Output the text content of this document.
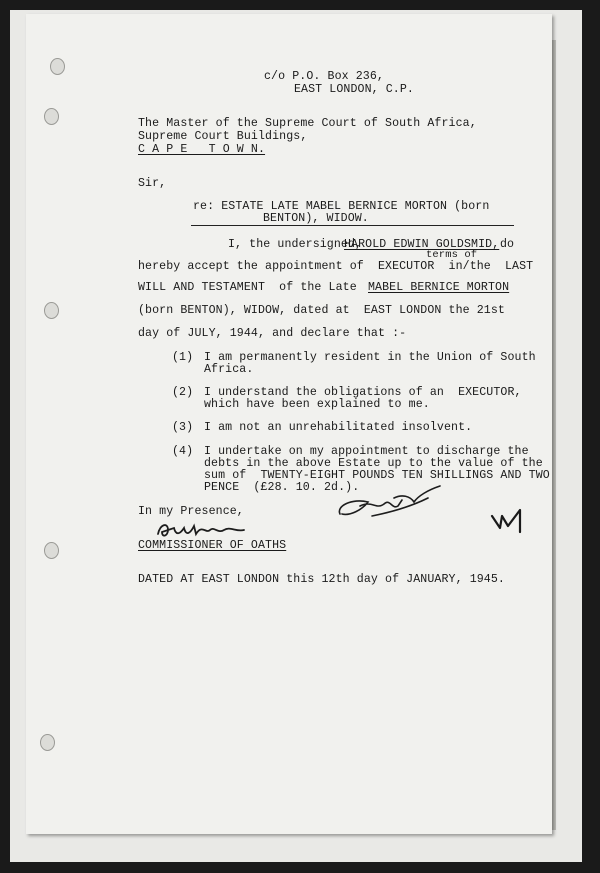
c/o P.O. Box 236,
EAST LONDON, C.P.
The Master of the Supreme Court of South Africa,
Supreme Court Buildings,
C A P E   T O W N.
Sir,
re: ESTATE LATE MABEL BERNICE MORTON (born
BENTON), WIDOW.
I, the undersigned,
HAROLD EDWIN GOLDSMID, do
terms of
hereby accept the appointment of  EXECUTOR  in/the  LAST
WILL AND TESTAMENT  of the Late MABEL BERNICE MORTON
(born BENTON), WIDOW, dated at  EAST LONDON the 21st
day of JULY, 1944, and declare that :-
(1) I am permanently resident in the Union of South
Africa.
(2) I understand the obligations of an  EXECUTOR,
which have been explained to me.
(3) I am not an unrehabilitated insolvent.
(4) I undertake on my appointment to discharge the
debts in the above Estate up to the value of the
sum of  TWENTY-EIGHT POUNDS TEN SHILLINGS AND TWO
PENCE  (£28. 10. 2d.).
In my Presence,
COMMISSIONER OF OATHS
DATED AT EAST LONDON this 12th day of JANUARY, 1945.
